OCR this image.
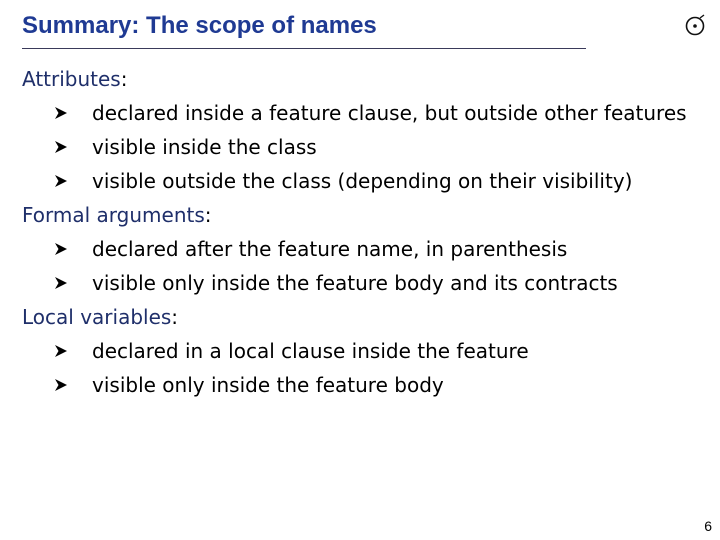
Summary: The scope of names
Attributes:
declared inside a feature clause, but outside other features
visible inside the class
visible outside the class (depending on their visibility)
Formal arguments:
declared after the feature name, in parenthesis
visible only inside the feature body and its contracts
Local variables:
declared in a local clause inside the feature
visible only inside the feature body
6
